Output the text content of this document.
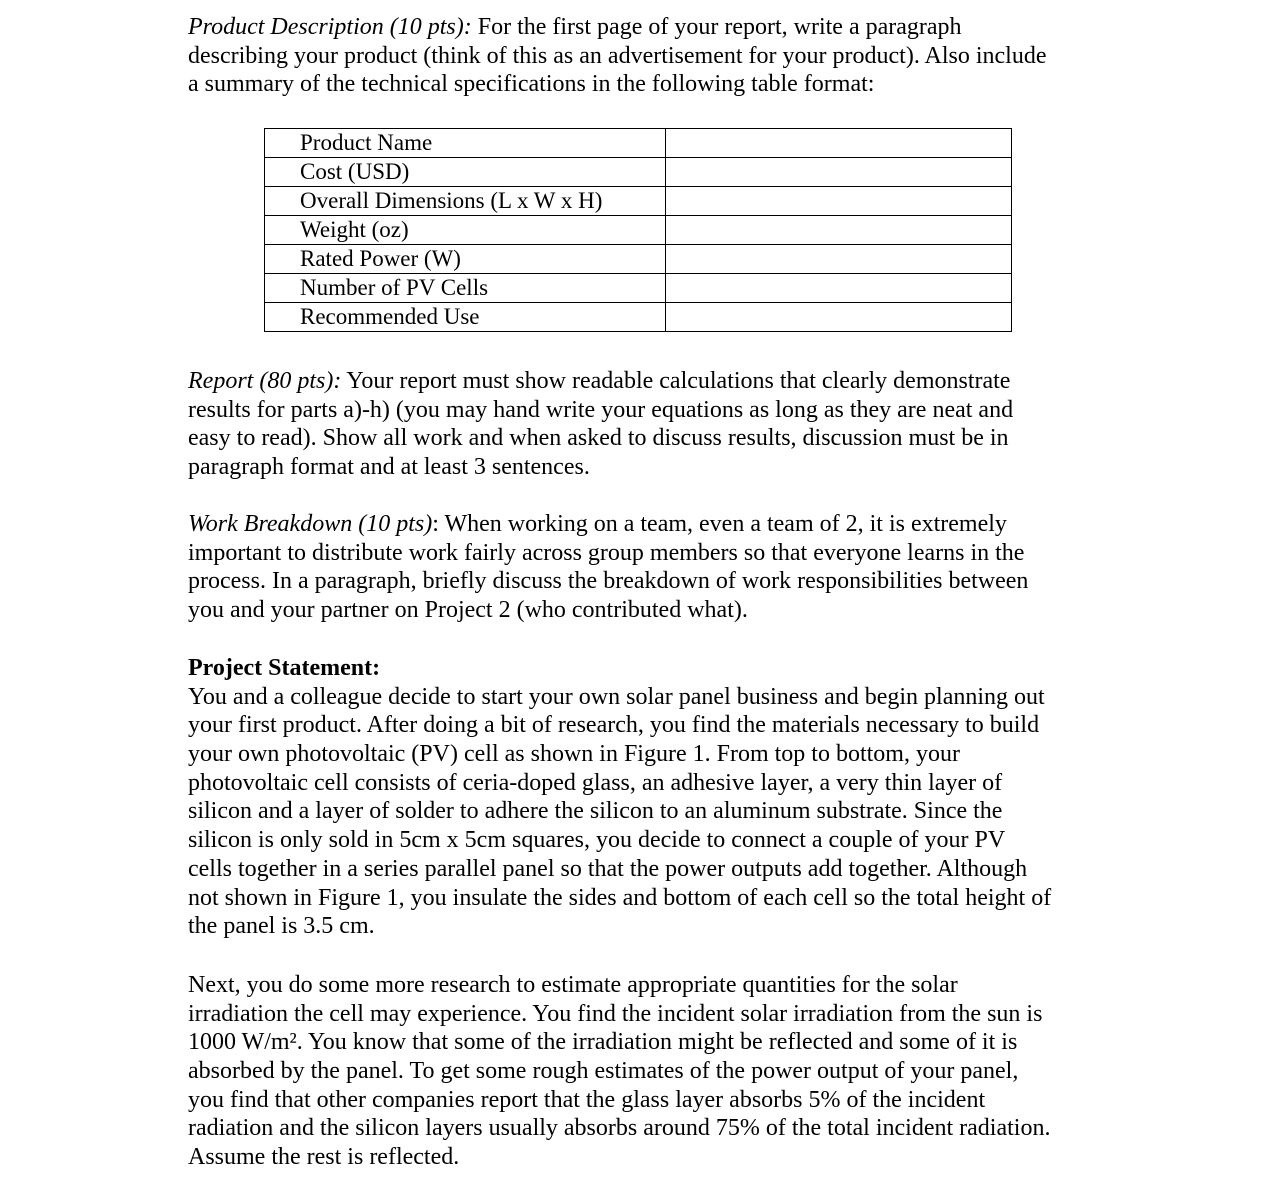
Product Description (10 pts): For the first page of your report, write a paragraph
describing your product (think of this as an advertisement for your product). Also include
a summary of the technical specifications in the following table format:
Product Name	
Cost (USD)	
Overall Dimensions (L x W x H)	
Weight (oz)	
Rated Power (W)	
Number of PV Cells	
Recommended Use	
Report (80 pts): Your report must show readable calculations that clearly demonstrate
results for parts a)-h) (you may hand write your equations as long as they are neat and
easy to read). Show all work and when asked to discuss results, discussion must be in
paragraph format and at least 3 sentences.
Work Breakdown (10 pts): When working on a team, even a team of 2, it is extremely
important to distribute work fairly across group members so that everyone learns in the
process. In a paragraph, briefly discuss the breakdown of work responsibilities between
you and your partner on Project 2 (who contributed what).
Project Statement:
You and a colleague decide to start your own solar panel business and begin planning out
your first product. After doing a bit of research, you find the materials necessary to build
your own photovoltaic (PV) cell as shown in Figure 1. From top to bottom, your
photovoltaic cell consists of ceria-doped glass, an adhesive layer, a very thin layer of
silicon and a layer of solder to adhere the silicon to an aluminum substrate. Since the
silicon is only sold in 5cm x 5cm squares, you decide to connect a couple of your PV
cells together in a series parallel panel so that the power outputs add together. Although
not shown in Figure 1, you insulate the sides and bottom of each cell so the total height of
the panel is 3.5 cm.
Next, you do some more research to estimate appropriate quantities for the solar
irradiation the cell may experience. You find the incident solar irradiation from the sun is
1000 W/m². You know that some of the irradiation might be reflected and some of it is
absorbed by the panel. To get some rough estimates of the power output of your panel,
you find that other companies report that the glass layer absorbs 5% of the incident
radiation and the silicon layers usually absorbs around 75% of the total incident radiation.
Assume the rest is reflected.
